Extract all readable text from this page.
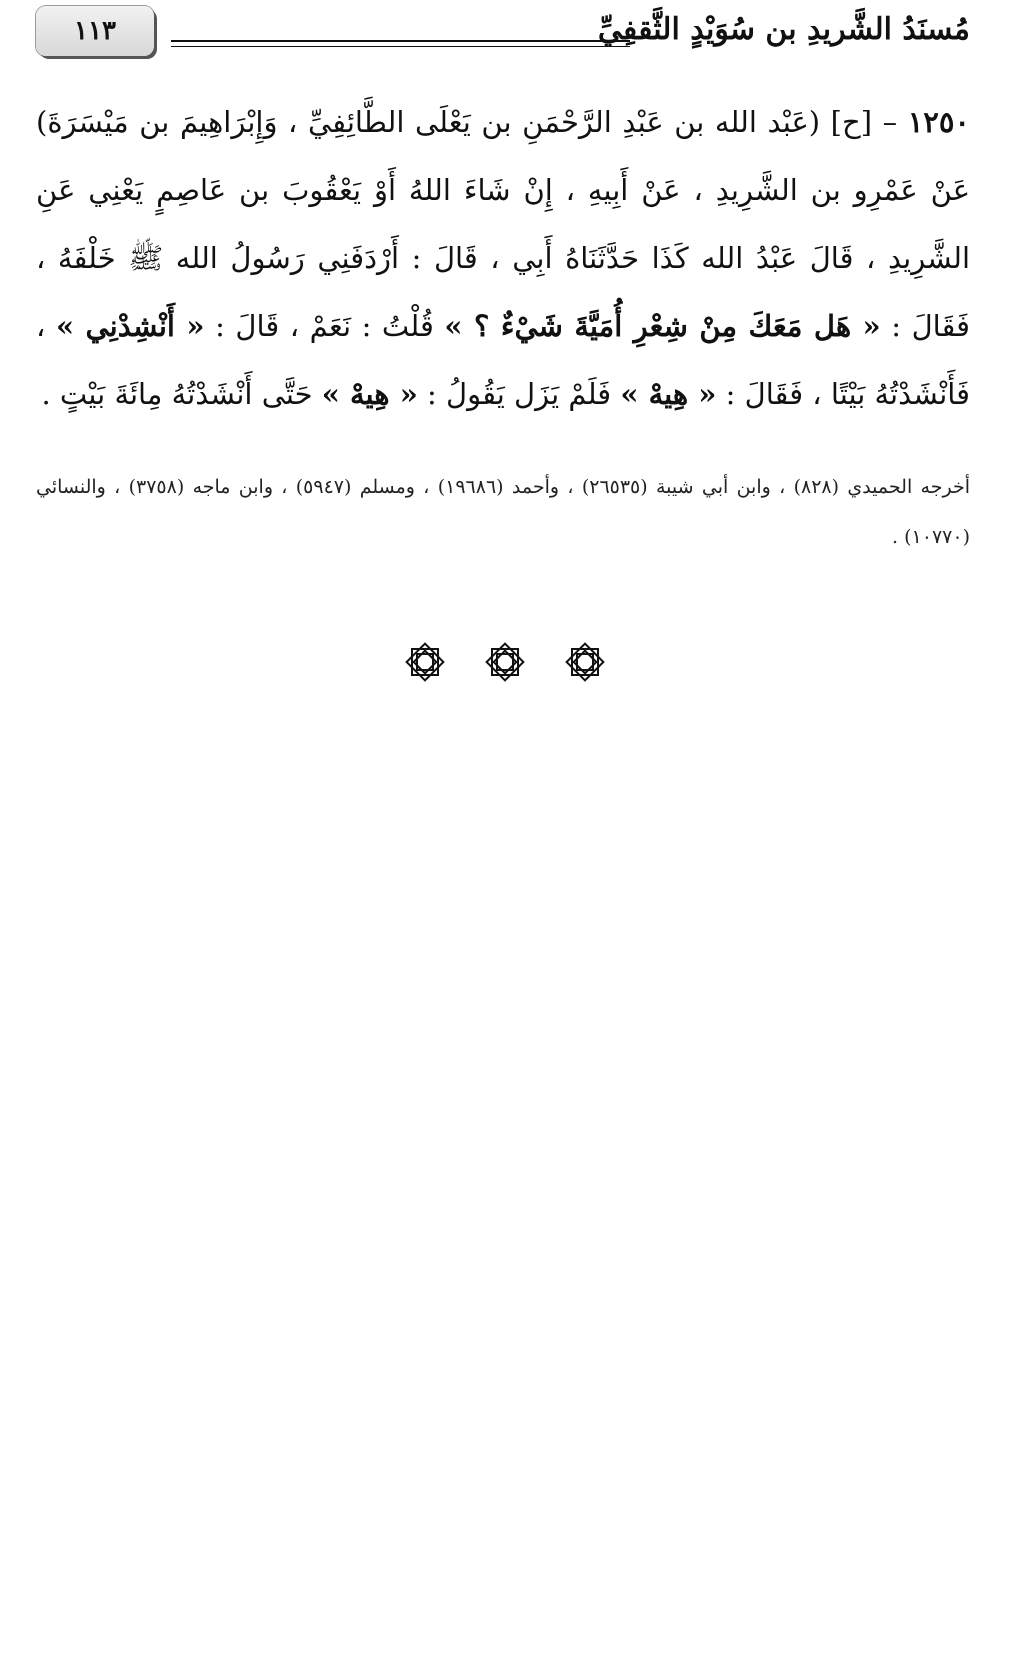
مُسنَدُ الشَّريدِ بن سُوَيْدٍ الثَّقفِيِّ
١١٣
١٢٥٠ – [ح] (عَبْد الله بن عَبْدِ الرَّحْمَنِ بن يَعْلَى الطَّائِفِيِّ ، وَإِبْرَاهِيمَ بن مَيْسَرَةَ) عَنْ عَمْرِو بن الشَّرِيدِ ، عَنْ أَبِيهِ ، إِنْ شَاءَ اللهُ أَوْ يَعْقُوبَ بن عَاصِمٍ يَعْنِي عَنِ الشَّرِيدِ ، قَالَ عَبْدُ الله كَذَا حَدَّثَنَاهُ أَبِي ، قَالَ : أَرْدَفَنِي رَسُولُ الله ﷺ خَلْفَهُ ، فَقَالَ : « هَل مَعَكَ مِنْ شِعْرِ أُمَيَّةَ شَيْءٌ ؟ » قُلْتُ : نَعَمْ ، قَالَ : « أَنْشِدْنِي » ، فَأَنْشَدْتُهُ بَيْتًا ، فَقَالَ : « هِيهْ » فَلَمْ يَزَل يَقُولُ : « هِيهْ » حَتَّى أَنْشَدْتُهُ مِائَةَ بَيْتٍ .
أخرجه الحميدي (٨٢٨) ، وابن أبي شيبة (٢٦٥٣٥) ، وأحمد (١٩٦٨٦) ، ومسلم (٥٩٤٧) ، وابن ماجه (٣٧٥٨) ، والنسائي (١٠٧٧٠) .
